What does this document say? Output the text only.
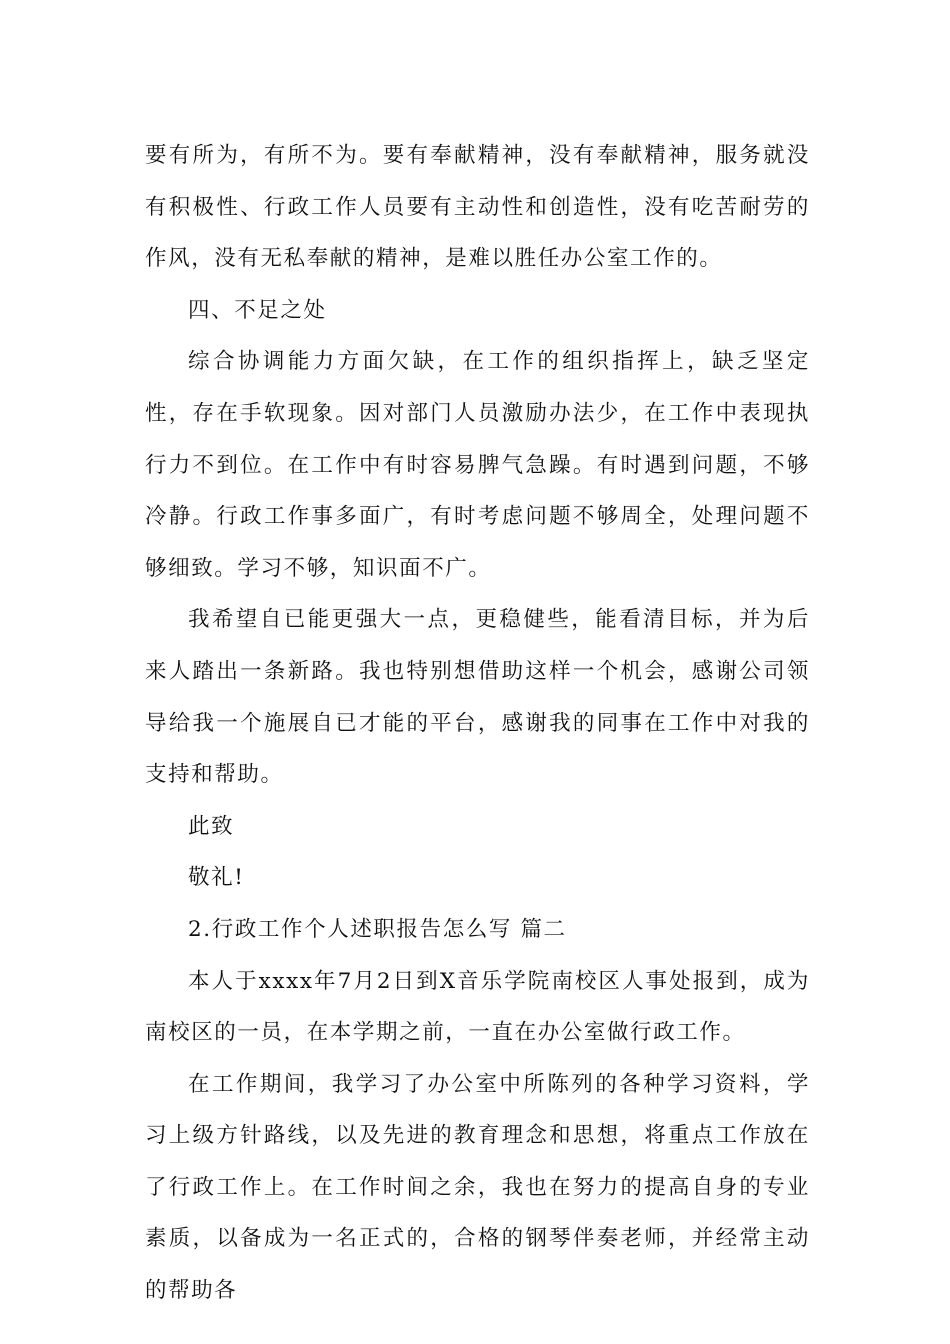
要有所为，有所不为。要有奉献精神，没有奉献精神，服务就没有积极性、行政工作人员要有主动性和创造性，没有吃苦耐劳的作风，没有无私奉献的精神，是难以胜任办公室工作的。

四、不足之处

综合协调能力方面欠缺，在工作的组织指挥上，缺乏坚定性，存在手软现象。因对部门人员激励办法少，在工作中表现执行力不到位。在工作中有时容易脾气急躁。有时遇到问题，不够冷静。行政工作事多面广，有时考虑问题不够周全，处理问题不够细致。学习不够，知识面不广。

我希望自已能更强大一点，更稳健些，能看清目标，并为后来人踏出一条新路。我也特别想借助这样一个机会，感谢公司领导给我一个施展自已才能的平台，感谢我的同事在工作中对我的支持和帮助。

此致

敬礼!

2.行政工作个人述职报告怎么写 篇二

本人于xxxx年7月2日到X音乐学院南校区人事处报到，成为南校区的一员，在本学期之前，一直在办公室做行政工作。

在工作期间，我学习了办公室中所陈列的各种学习资料，学习上级方针路线，以及先进的教育理念和思想，将重点工作放在了行政工作上。在工作时间之余，我也在努力的提高自身的专业素质，以备成为一名正式的，合格的钢琴伴奏老师，并经常主动的帮助各
